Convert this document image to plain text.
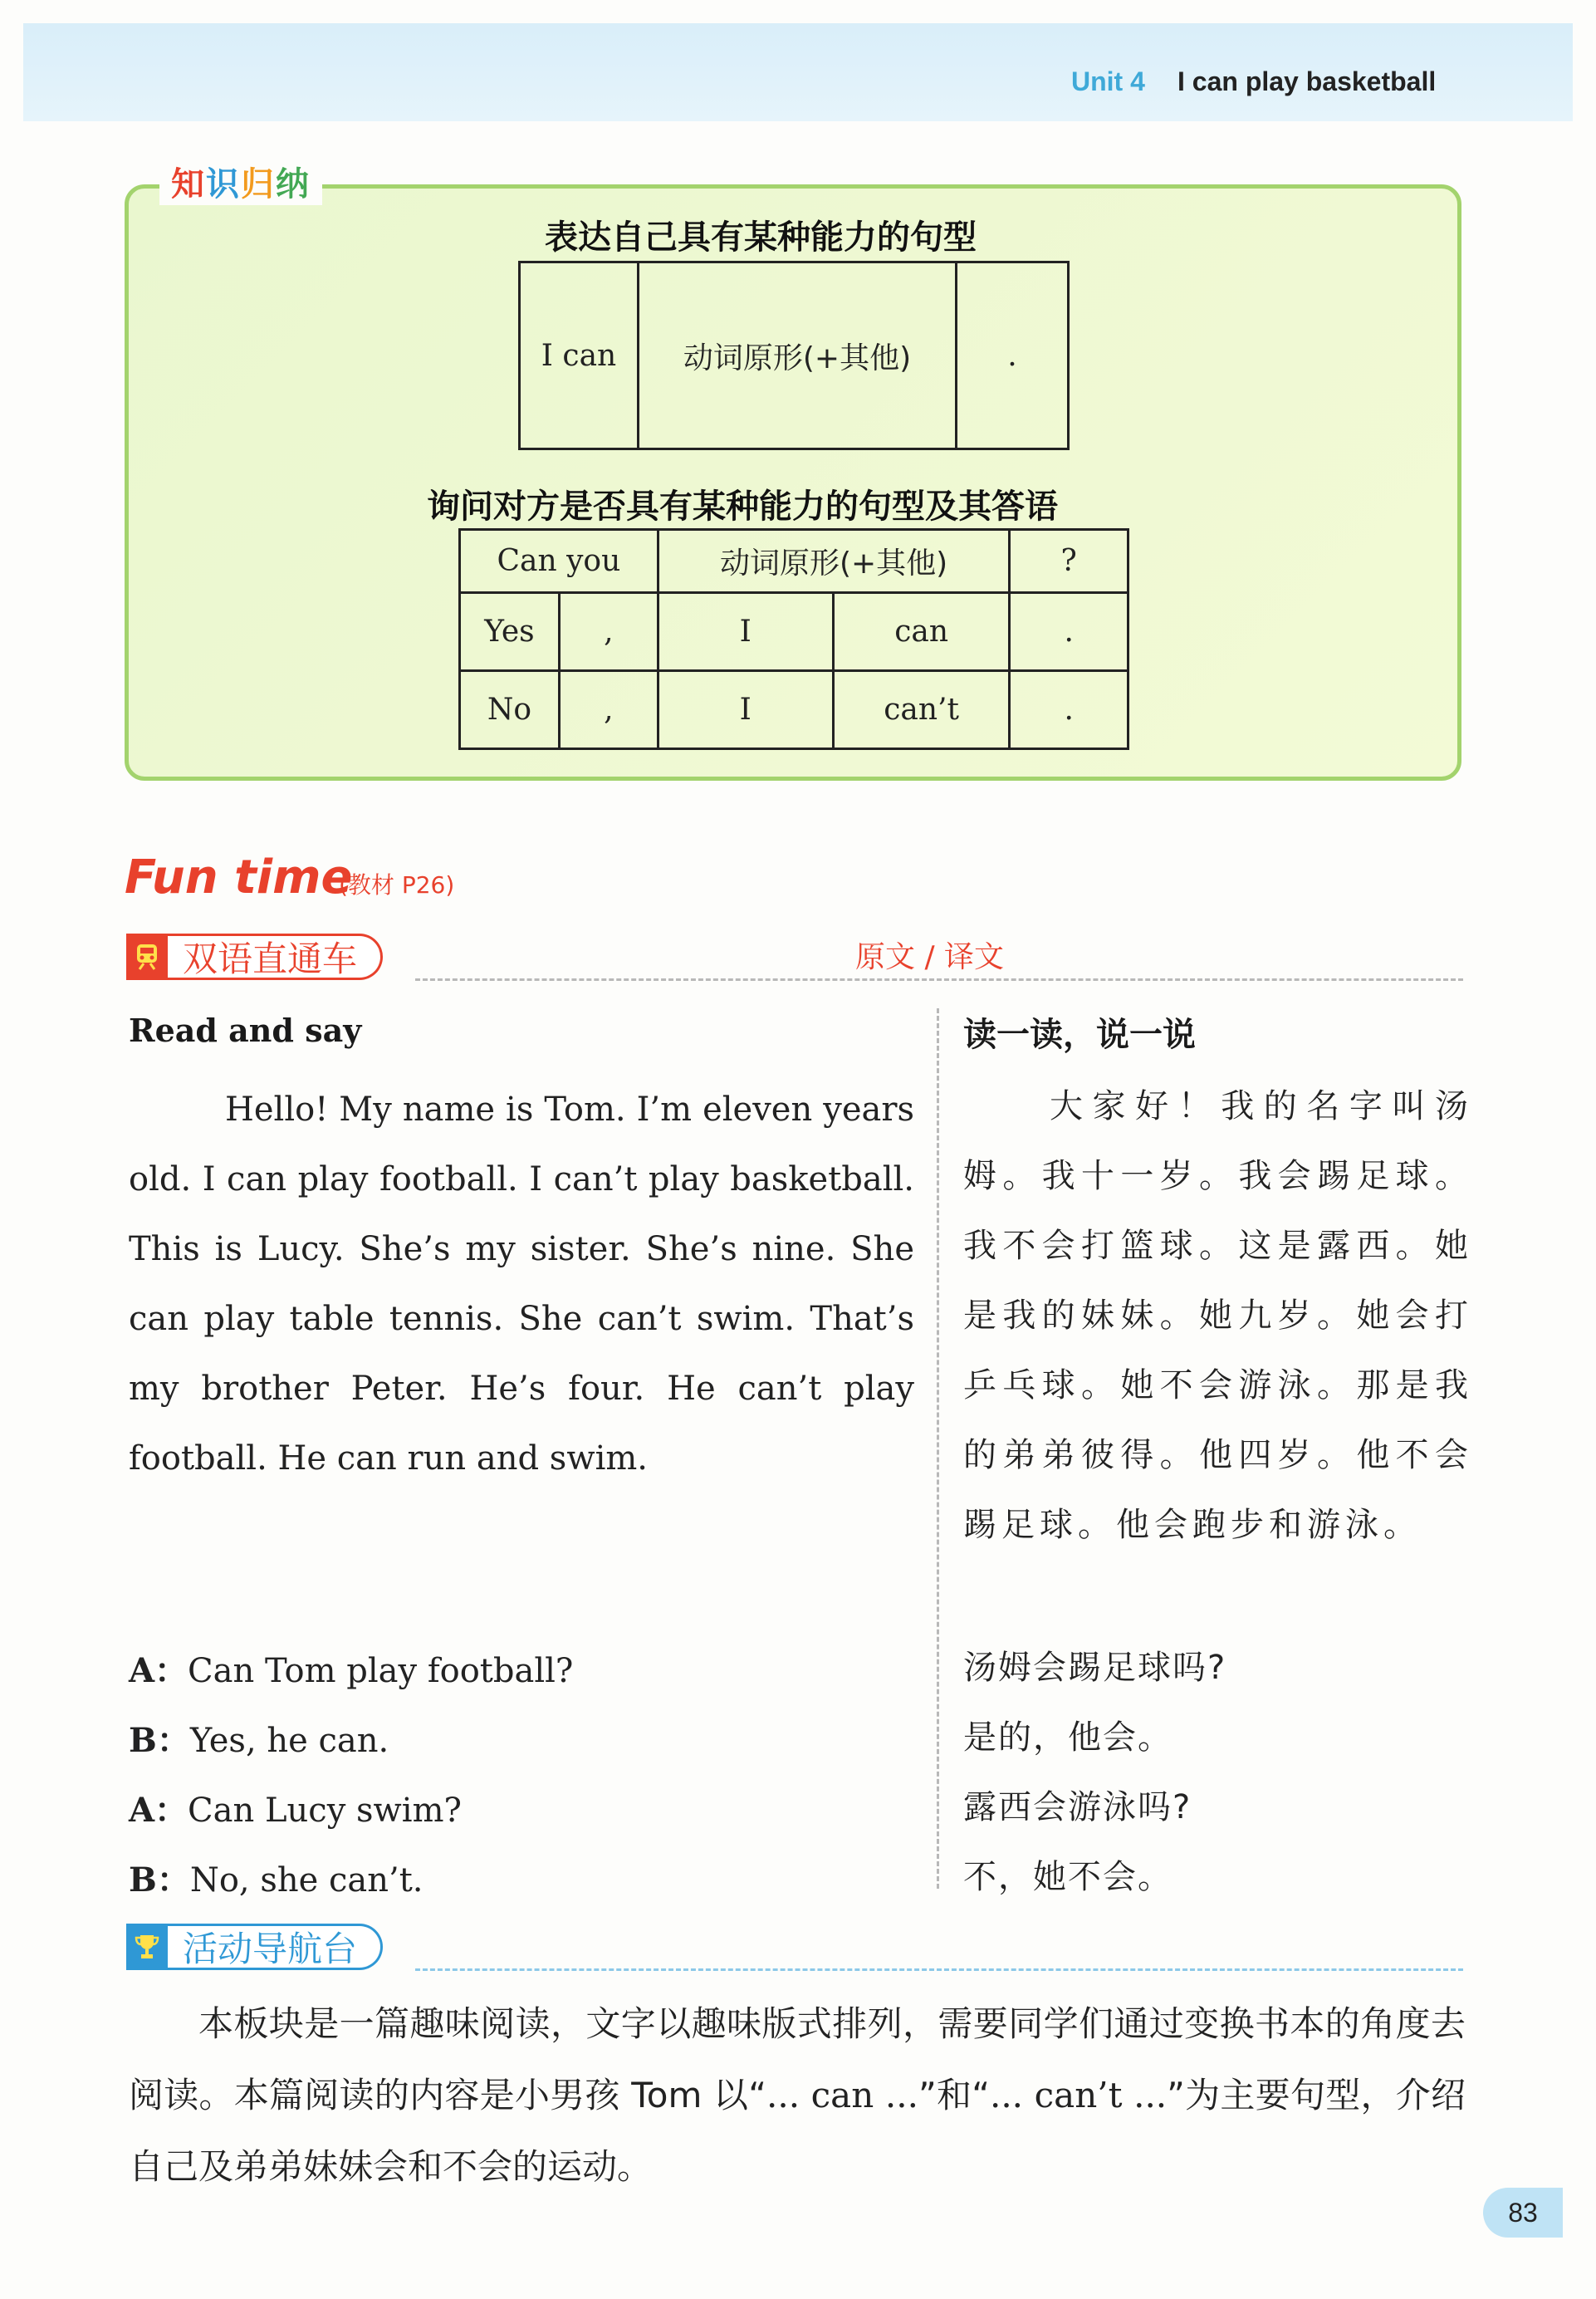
Unit 4 I can play basketball
知识归纳
表达自己具有某种能力的句型
I can	动词原形(+其他)	.
询问对方是否具有某种能力的句型及其答语
Can you		动词原形(+其他)		?
Yes	,	I	can	.
No	,	I	can’t	.
Fun time
(教材 P26)
双语直通车	原文 / 译文
Read and say	读一读，说一说
Hello! My name is Tom. I’m eleven years old. I can play football. I can’t play basketball. This is Lucy. She’s my sister. She’s nine. She can play table tennis. She can’t swim. That’s my brother Peter. He’s four. He can’t play football. He can run and swim.
大家好！我的名字叫汤姆。我十一岁。我会踢足球。我不会打篮球。这是露西。她是我的妹妹。她九岁。她会打乒乓球。她不会游泳。那是我的弟弟彼得。他四岁。他不会踢足球。他会跑步和游泳。
A：Can Tom play football?
B：Yes, he can.
A：Can Lucy swim?
B：No, she can’t.
汤姆会踢足球吗?
是的，他会。
露西会游泳吗?
不，她不会。
活动导航台
本板块是一篇趣味阅读，文字以趣味版式排列，需要同学们通过变换书本的角度去阅读。本篇阅读的内容是小男孩 Tom 以“... can ...”和“... can’t ...”为主要句型，介绍自己及弟弟妹妹会和不会的运动。
83
